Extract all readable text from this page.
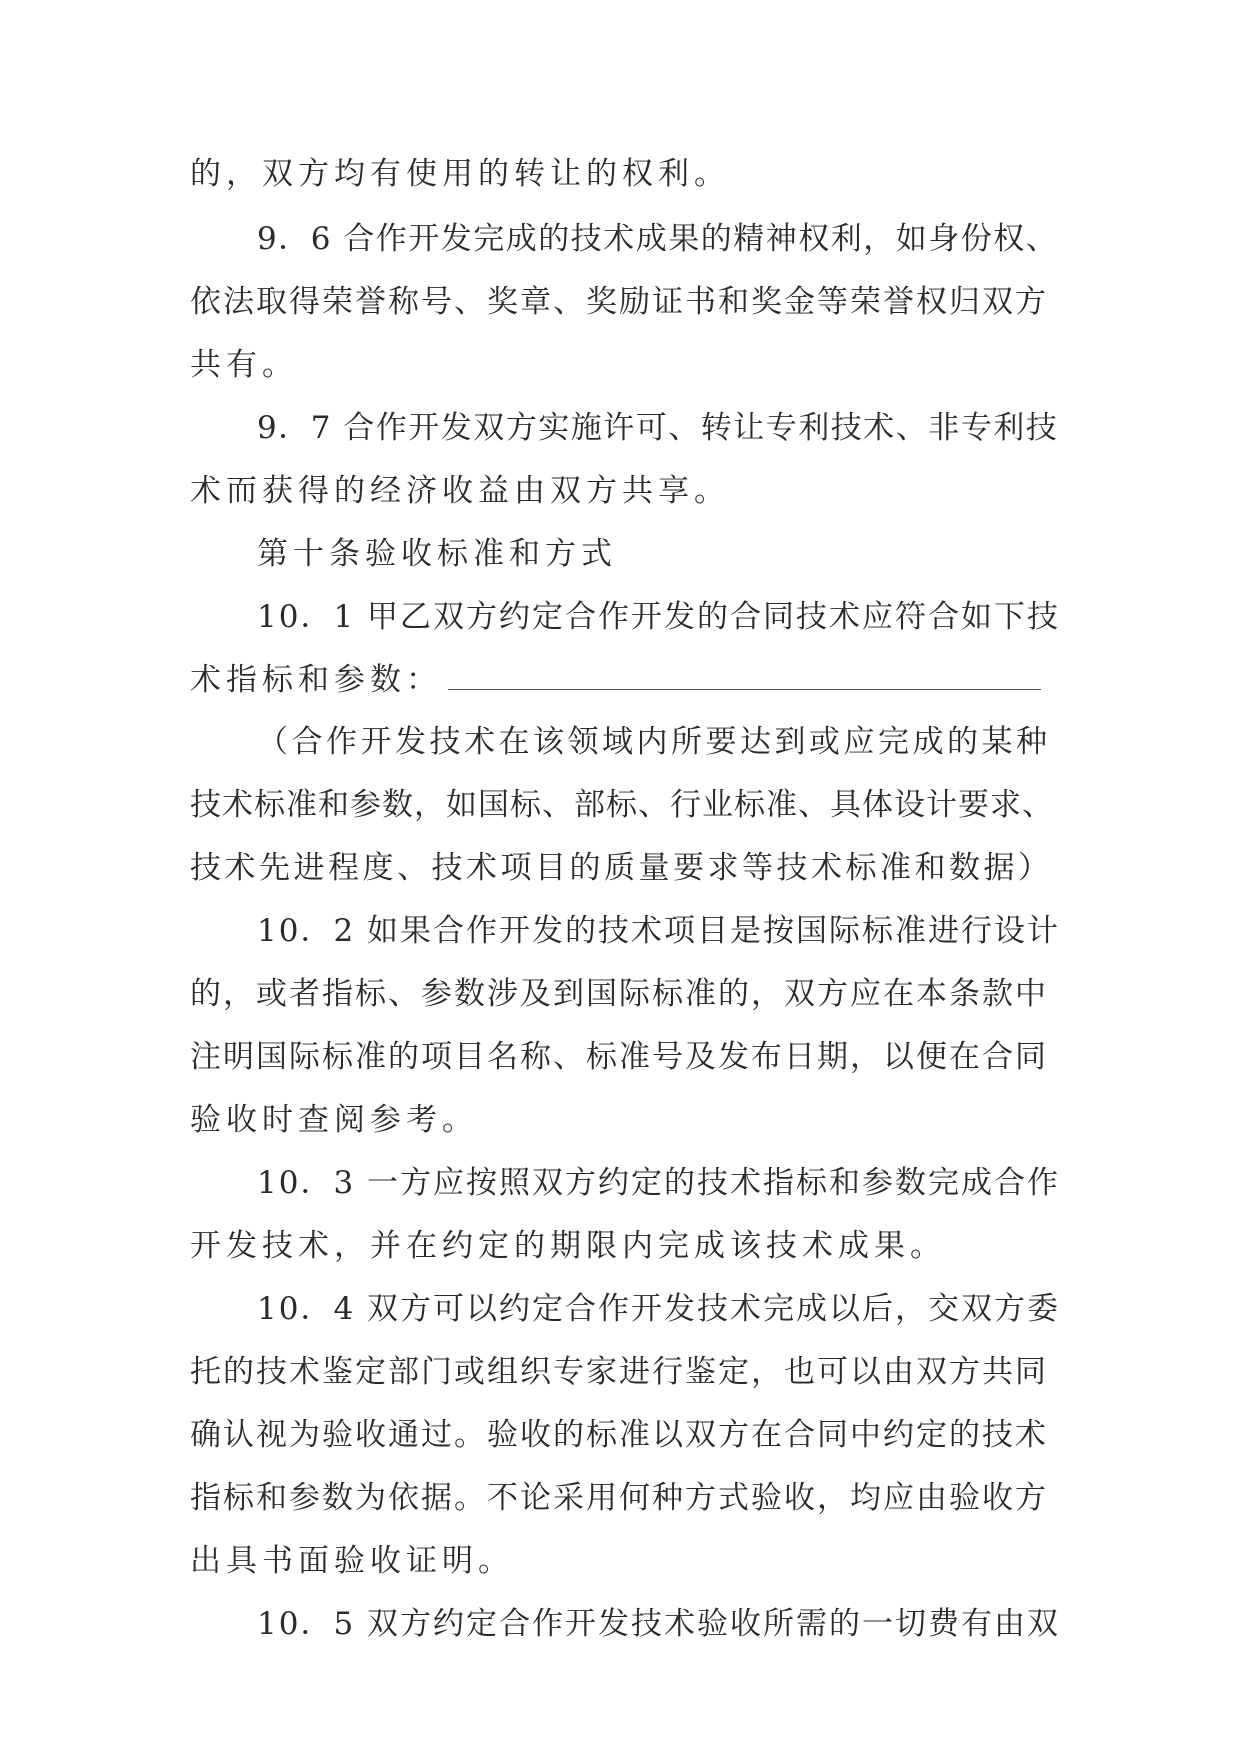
的，双方均有使用的转让的权利。
9．6 合作开发完成的技术成果的精神权利，如身份权、
依法取得荣誉称号、奖章、奖励证书和奖金等荣誉权归双方
共有。
9．7 合作开发双方实施许可、转让专利技术、非专利技
术而获得的经济收益由双方共享。
第十条验收标准和方式
10．1 甲乙双方约定合作开发的合同技术应符合如下技
术指标和参数：
（合作开发技术在该领域内所要达到或应完成的某种
技术标准和参数，如国标、部标、行业标准、具体设计要求、
技术先进程度、技术项目的质量要求等技术标准和数据）
10．2 如果合作开发的技术项目是按国际标准进行设计
的，或者指标、参数涉及到国际标准的，双方应在本条款中
注明国际标准的项目名称、标准号及发布日期，以便在合同
验收时查阅参考。
10．3 一方应按照双方约定的技术指标和参数完成合作
开发技术，并在约定的期限内完成该技术成果。
10．4 双方可以约定合作开发技术完成以后，交双方委
托的技术鉴定部门或组织专家进行鉴定，也可以由双方共同
确认视为验收通过。验收的标准以双方在合同中约定的技术
指标和参数为依据。不论采用何种方式验收，均应由验收方
出具书面验收证明。
10．5 双方约定合作开发技术验收所需的一切费有由双
